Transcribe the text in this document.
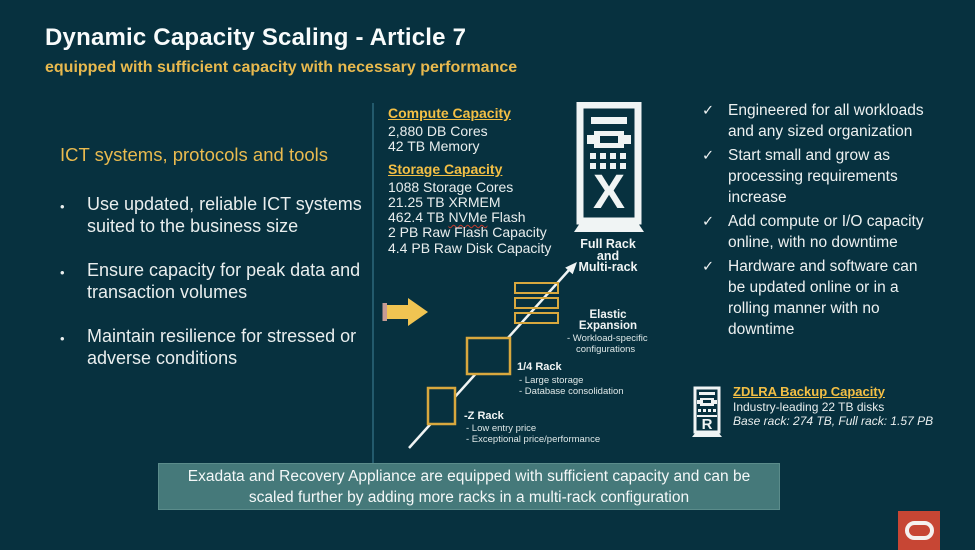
Dynamic Capacity Scaling - Article 7
equipped with sufficient capacity with necessary performance
ICT systems, protocols and tools
•	Use updated, reliable ICT systems suited to the business size
•	Ensure capacity for peak data and transaction volumes
•	Maintain resilience for stressed or adverse conditions
Compute Capacity
2,880 DB Cores
42 TB Memory
Storage Capacity
1088 Storage Cores
21.25 TB XRMEM
462.4 TB NVMe Flash
2 PB Raw Flash Capacity
4.4 PB Raw Disk Capacity
X
Full Rack
and
Multi-rack
Elastic Expansion
- Workload-specific configurations
1/4 Rack
- Large storage
- Database consolidation
-Z Rack
- Low entry price
- Exceptional price/performance
✓ Engineered for all workloads and any sized organization
✓ Start small and grow as processing requirements increase
✓ Add compute or I/O capacity online, with no downtime
✓ Hardware and software can be updated online or in a rolling manner with no downtime
R
ZDLRA Backup Capacity
Industry-leading 22 TB disks
Base rack: 274 TB, Full rack: 1.57 PB
Exadata and Recovery Appliance are equipped with sufficient capacity and can be scaled further by adding more racks in a multi-rack configuration
